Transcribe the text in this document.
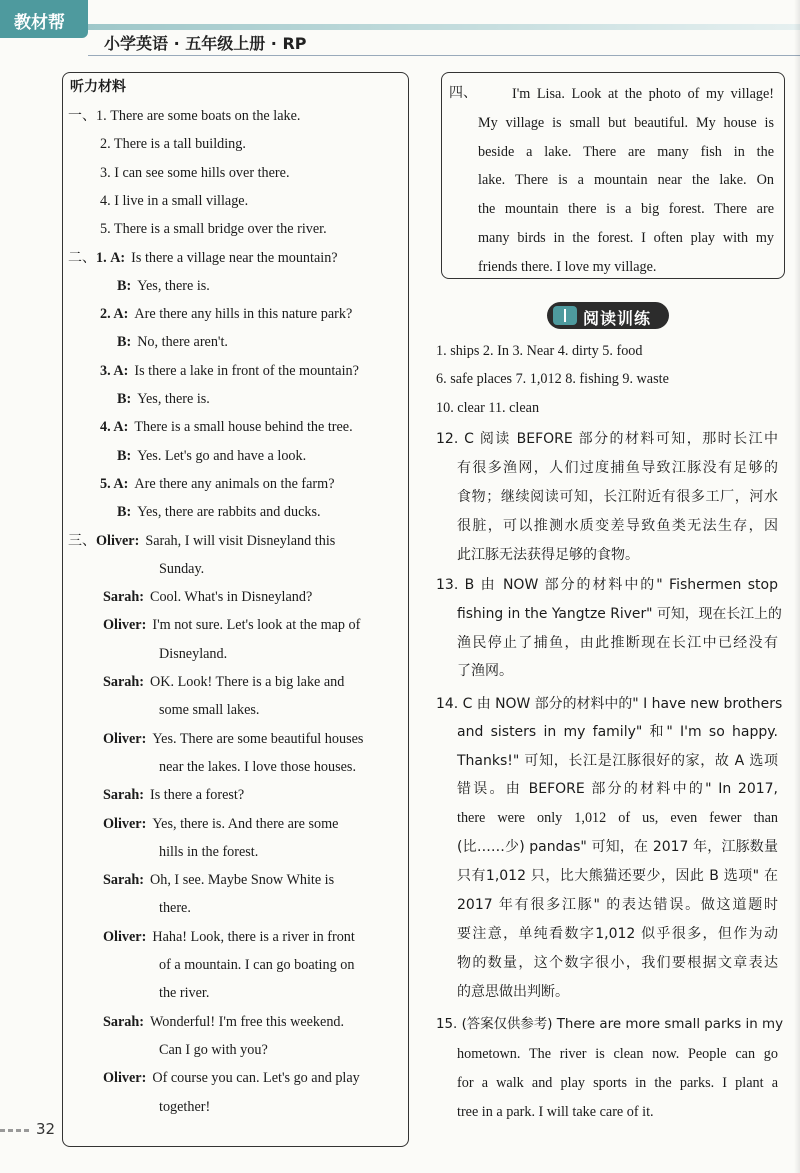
教材帮
小学英语 · 五年级上册 · RP
听力材料
一、1. There are some boats on the lake.
2. There is a tall building.
3. I can see some hills over there.
4. I live in a small village.
5. There is a small bridge over the river.
二、1. A: Is there a village near the mountain?
B: Yes, there is.
2. A: Are there any hills in this nature park?
B: No, there aren't.
3. A: Is there a lake in front of the mountain?
B: Yes, there is.
4. A: There is a small house behind the tree.
B: Yes. Let's go and have a look.
5. A: Are there any animals on the farm?
B: Yes, there are rabbits and ducks.
三、Oliver: Sarah, I will visit Disneyland this
Sunday.
Sarah: Cool. What's in Disneyland?
Oliver: I'm not sure. Let's look at the map of
Disneyland.
Sarah: OK. Look! There is a big lake and
some small lakes.
Oliver: Yes. There are some beautiful houses
near the lakes. I love those houses.
Sarah: Is there a forest?
Oliver: Yes, there is. And there are some
hills in the forest.
Sarah: Oh, I see. Maybe Snow White is
there.
Oliver: Haha! Look, there is a river in front
of a mountain. I can go boating on
the river.
Sarah: Wonderful! I'm free this weekend.
Can I go with you?
Oliver: Of course you can. Let's go and play
together!
四、 I'm Lisa. Look at the photo of my village!
My village is small but beautiful. My house is
beside a lake. There are many fish in the
lake. There is a mountain near the lake. On
the mountain there is a big forest. There are
many birds in the forest. I often play with my
friends there. I love my village.
阅读训练
1. ships 2. In 3. Near 4. dirty 5. food
6. safe places 7. 1,012 8. fishing 9. waste
10. clear 11. clean
12. C 阅读 BEFORE 部分的材料可知，那时长江中
有很多渔网，人们过度捕鱼导致江豚没有足够的
食物；继续阅读可知，长江附近有很多工厂，河水
很脏，可以推测水质变差导致鱼类无法生存，因
此江豚无法获得足够的食物。
13. B 由 NOW 部分的材料中的" Fishermen stop
fishing in the Yangtze River" 可知，现在长江上的
渔民停止了捕鱼，由此推断现在长江中已经没有
了渔网。
14. C 由 NOW 部分的材料中的" I have new brothers
and sisters in my family" 和" I'm so happy.
Thanks!" 可知，长江是江豚很好的家，故 A 选项
错误。由 BEFORE 部分的材料中的" In 2017,
there were only 1,012 of us, even fewer than
(比……少) pandas" 可知，在 2017 年，江豚数量
只有1,012 只，比大熊猫还要少，因此 B 选项" 在
2017 年有很多江豚" 的表达错误。做这道题时
要注意，单纯看数字1,012 似乎很多，但作为动
物的数量，这个数字很小，我们要根据文章表达
的意思做出判断。
15. (答案仅供参考) There are more small parks in my
hometown. The river is clean now. People can go
for a walk and play sports in the parks. I plant a
tree in a park. I will take care of it.
32
